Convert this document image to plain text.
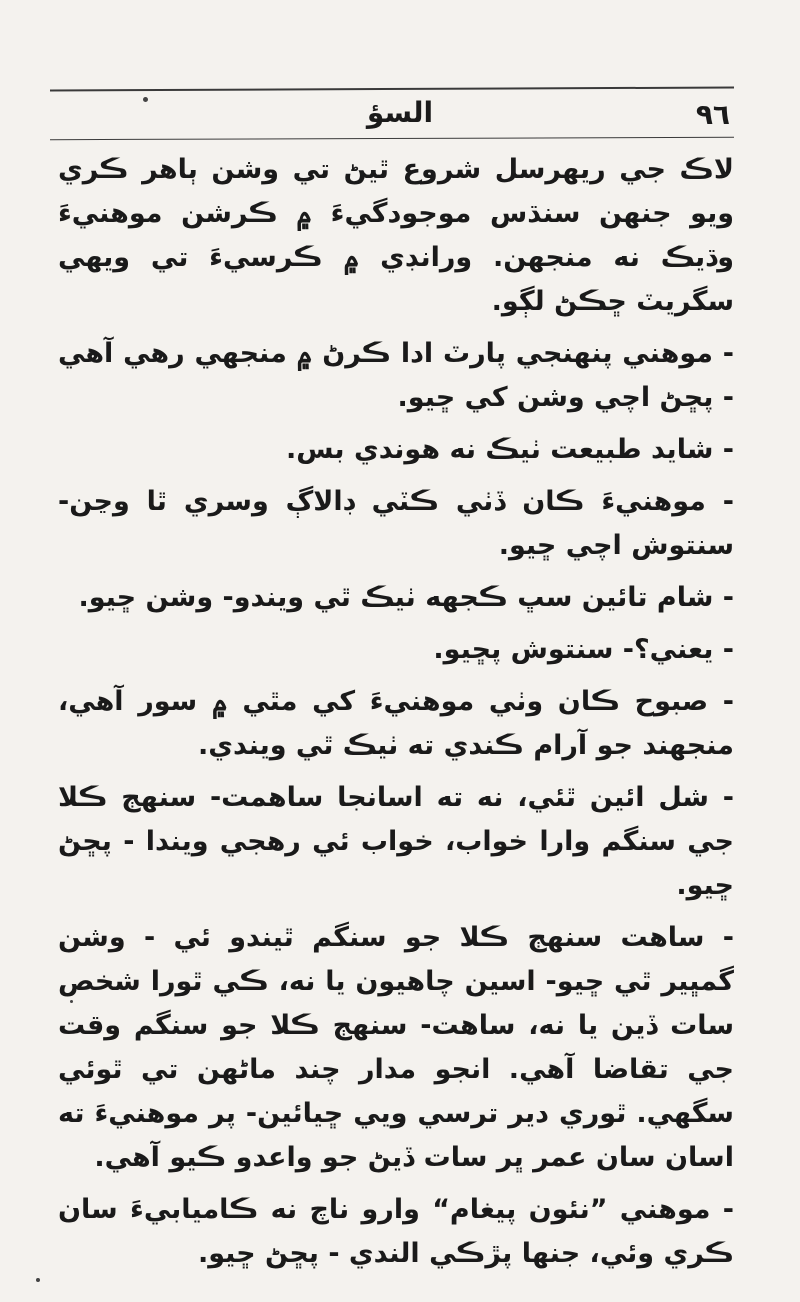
السؤ	٩٦

لاڪ جي ريهرسل شروع ٿيڻ تي وشن ٻاهر ڪري ويو جنهن سنڌس موجودگيءَ ۾ ڪرشن موهنيءَ وڌيڪ نه منجهن. ورانڊي ۾ ڪرسيءَ تي ويهي سگريٽ ڇڪڻ لڳو.

- موهني پنهنجي پارٽ ادا ڪرڻ ۾ منجهي رهي آهي - پڇڻ اچي وشن کي ڇيو.

- شايد طبيعت ٺيڪ نه هوندي بس.

- موهنيءَ ڪان ڏٺي ڪٽي ڊالاڳ وسري ٿا وڃن- سنتوش اچي ڇيو.

- شام تائين سڀ ڪجهه ٺيڪ ٿي ويندو- وشن ڇيو.

- يعني؟- سنتوش پڇيو.

- صبوح ڪان وٺي موهنيءَ کي مٿي ۾ سور آهي، منجهند جو آرام ڪندي ته ٺيڪ ٿي ويندي.

- شل ائين ٿئي، نه ته اسانجا ساهمت- سنهڄ ڪلا جي سنگم وارا خواب، خواب ئي رهجي ويندا - پڇڻ ڇيو.

- ساهت سنهڄ ڪلا جو سنگم ٿيندو ئي - وشن گمڀير ٿي ڇيو- اسين چاهيون يا نه، ڪي ٿورا شخص سات ڏين يا نه، ساهت- سنهڄ ڪلا جو سنگم وقت جي تقاضا آهي. انجو مدار چند ماڻهن تي ٿوئي سگهي. ٿوري دير ترسي ويي ڇيائين- پر موهنيءَ ته اسان سان عمر ڀر سات ڏيڻ جو واعدو ڪيو آهي.

- موهني ”نئون پيغام“ وارو ناچ نه ڪاميابيءَ سان ڪري وئي، جنها پڙڪي الندي - پڇڻ ڇيو.
